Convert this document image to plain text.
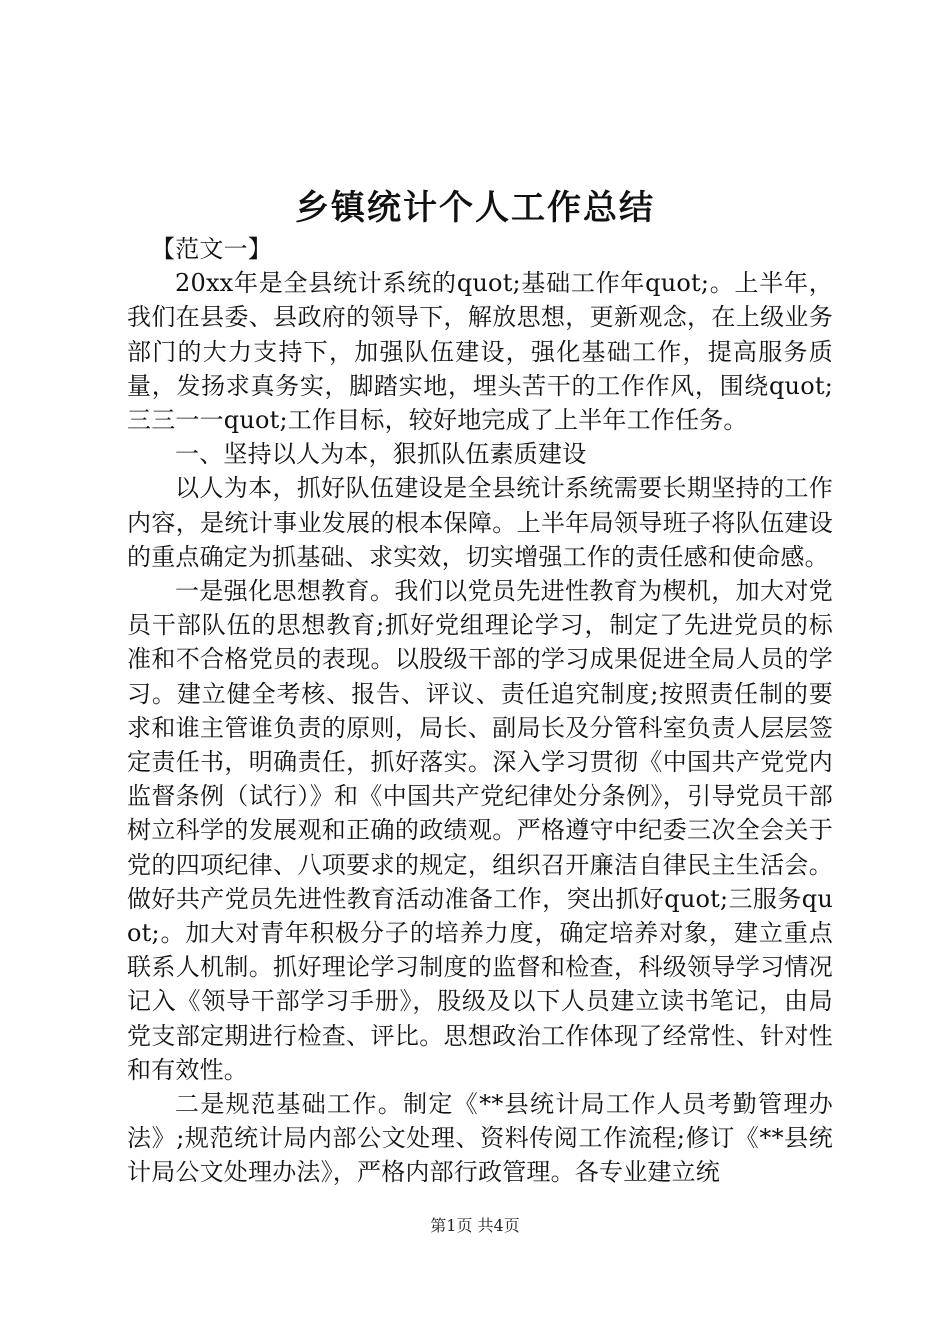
乡镇统计个人工作总结

【范文一】

20xx年是全县统计系统的quot;基础工作年quot;。上半年，我们在县委、县政府的领导下，解放思想，更新观念，在上级业务部门的大力支持下，加强队伍建设，强化基础工作，提高服务质量，发扬求真务实，脚踏实地，埋头苦干的工作作风，围绕quot;三三一一quot;工作目标，较好地完成了上半年工作任务。

一、坚持以人为本，狠抓队伍素质建设

以人为本，抓好队伍建设是全县统计系统需要长期坚持的工作内容，是统计事业发展的根本保障。上半年局领导班子将队伍建设的重点确定为抓基础、求实效，切实增强工作的责任感和使命感。

一是强化思想教育。我们以党员先进性教育为楔机，加大对党员干部队伍的思想教育;抓好党组理论学习，制定了先进党员的标准和不合格党员的表现。以股级干部的学习成果促进全局人员的学习。建立健全考核、报告、评议、责任追究制度;按照责任制的要求和谁主管谁负责的原则，局长、副局长及分管科室负责人层层签定责任书，明确责任，抓好落实。深入学习贯彻《中国共产党党内监督条例（试行）》和《中国共产党纪律处分条例》，引导党员干部树立科学的发展观和正确的政绩观。严格遵守中纪委三次全会关于党的四项纪律、八项要求的规定，组织召开廉洁自律民主生活会。做好共产党员先进性教育活动准备工作，突出抓好quot;三服务quot;。加大对青年积极分子的培养力度，确定培养对象，建立重点联系人机制。抓好理论学习制度的监督和检查，科级领导学习情况记入《领导干部学习手册》，股级及以下人员建立读书笔记，由局党支部定期进行检查、评比。思想政治工作体现了经常性、针对性和有效性。

二是规范基础工作。制定《**县统计局工作人员考勤管理办法》;规范统计局内部公文处理、资料传阅工作流程;修订《**县统计局公文处理办法》，严格内部行政管理。各专业建立统

第1页 共4页
